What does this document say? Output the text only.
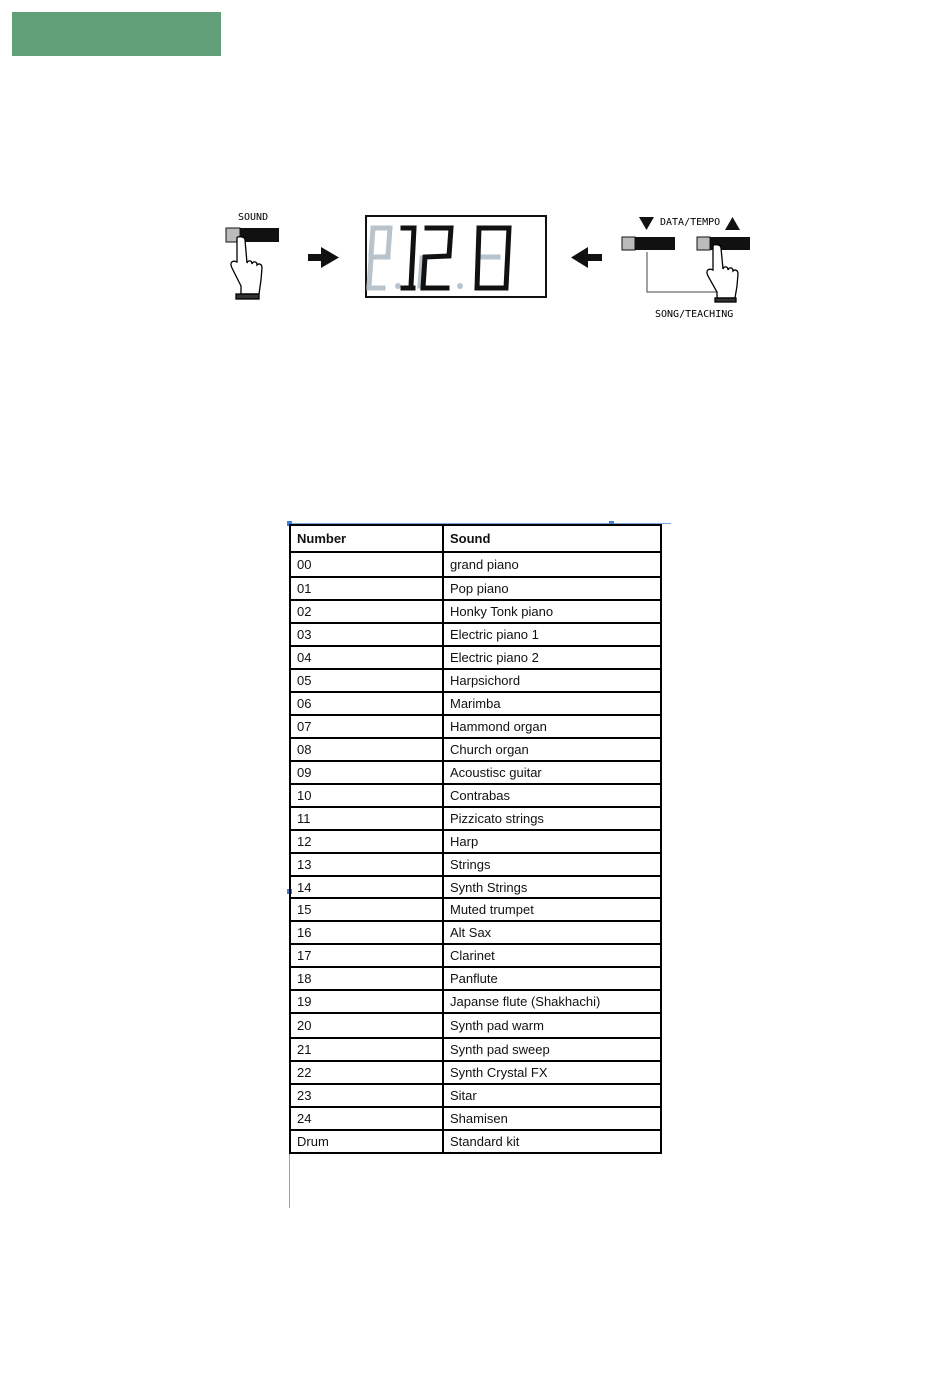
SOUND	DATA/TEMPO
SONG/TEACHING
Number	Sound
00	grand piano
01	Pop piano
02	Honky Tonk piano
03	Electric piano 1
04	Electric piano 2
05	Harpsichord
06	Marimba
07	Hammond organ
08	Church organ
09	Acoustisc guitar
10	Contrabas
11	Pizzicato strings
12	Harp
13	Strings
14	Synth Strings
15	Muted trumpet
16	Alt Sax
17	Clarinet
18	Panflute
19	Japanse flute (Shakhachi)
20	Synth pad warm
21	Synth pad sweep
22	Synth Crystal FX
23	Sitar
24	Shamisen
Drum	Standard kit
